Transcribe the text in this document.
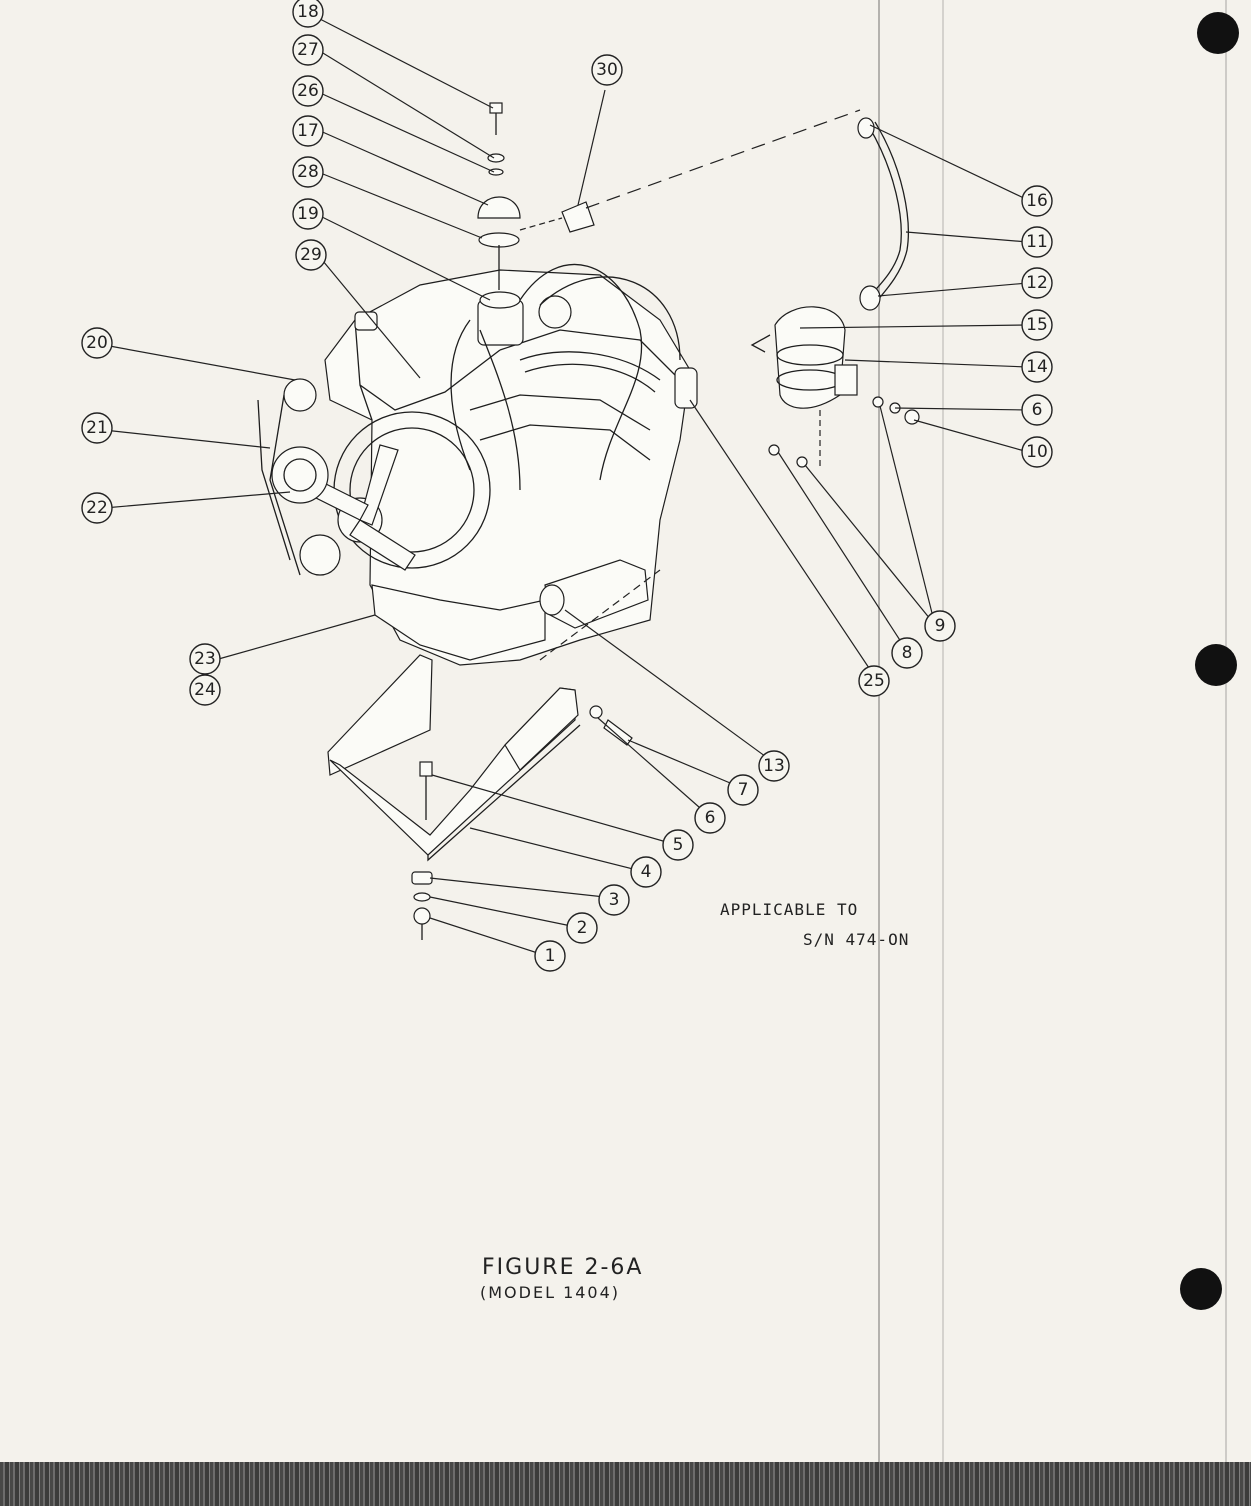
18
27
26
17
28
19
29
30
16
11
12
15
14
6
10
20
21
22
23
24	25
8
9
13
7
6
5
4
3
2
1
APPLICABLE TO
S/N 474-ON
FIGURE 2-6A
(MODEL 1404)
